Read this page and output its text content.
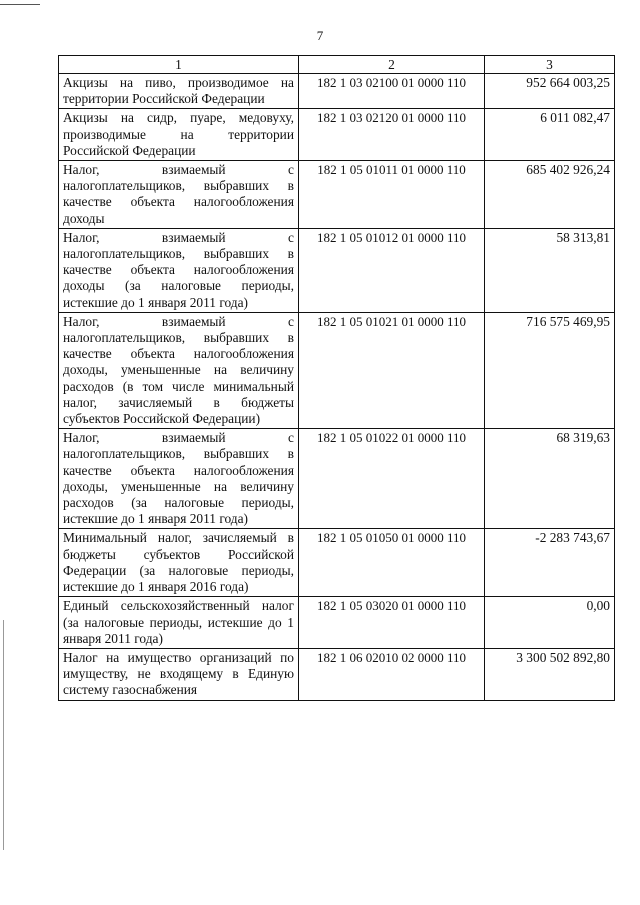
7
1	2	3
Акцизы на пиво, производимое на территории Российской Федерации	182 1 03 02100 01 0000 110	952 664 003,25
Акцизы на сидр, пуаре, медовуху, производимые на территории Российской Федерации	182 1 03 02120 01 0000 110	6 011 082,47
Налог, взимаемый с налогоплательщиков, выбравших в качестве объекта налогообложения доходы	182 1 05 01011 01 0000 110	685 402 926,24
Налог, взимаемый с налогоплательщиков, выбравших в качестве объекта налогообложения доходы (за налоговые периоды, истекшие до 1 января 2011 года)	182 1 05 01012 01 0000 110	58 313,81
Налог, взимаемый с налогоплательщиков, выбравших в качестве объекта налогообложения доходы, уменьшенные на величину расходов (в том числе минимальный налог, зачисляемый в бюджеты субъектов Российской Федерации)	182 1 05 01021 01 0000 110	716 575 469,95
Налог, взимаемый с налогоплательщиков, выбравших в качестве объекта налогообложения доходы, уменьшенные на величину расходов (за налоговые периоды, истекшие до 1 января 2011 года)	182 1 05 01022 01 0000 110	68 319,63
Минимальный налог, зачисляемый в бюджеты субъектов Российской Федерации (за налоговые периоды, истекшие до 1 января 2016 года)	182 1 05 01050 01 0000 110	-2 283 743,67
Единый сельскохозяйственный налог (за налоговые периоды, истекшие до 1 января 2011 года)	182 1 05 03020 01 0000 110	0,00
Налог на имущество организаций по имуществу, не входящему в Единую систему газоснабжения	182 1 06 02010 02 0000 110	3 300 502 892,80
